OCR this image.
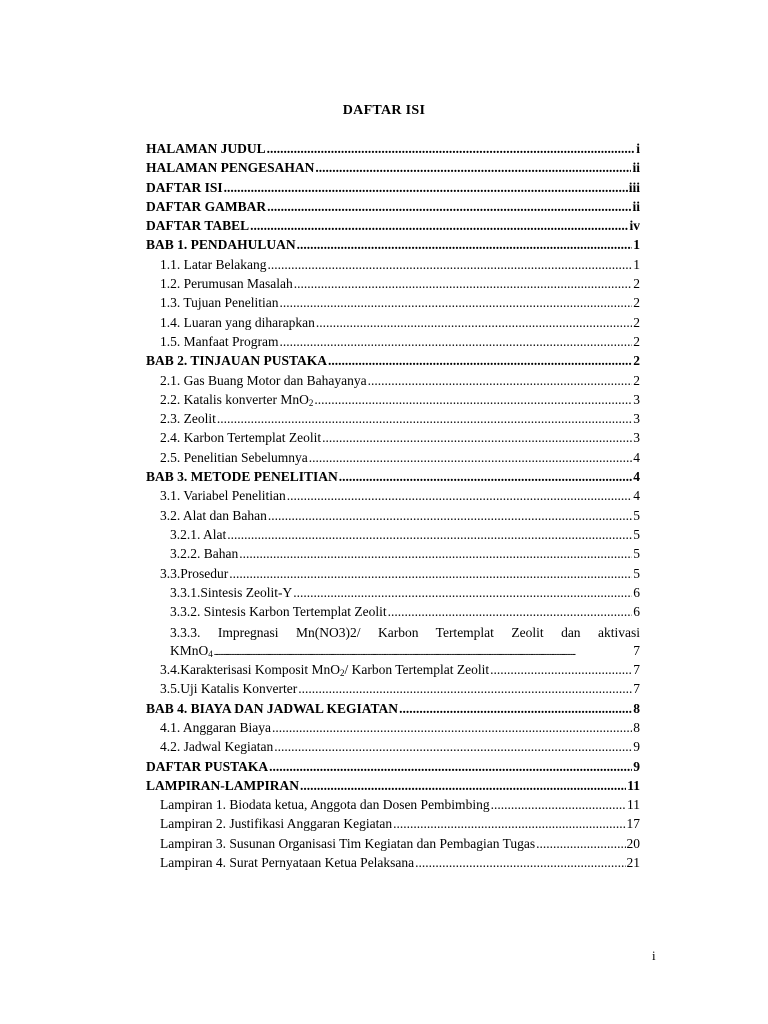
DAFTAR ISI
HALAMAN JUDUL .....	i
HALAMAN PENGESAHAN .....	ii
DAFTAR ISI .....	iii
DAFTAR GAMBAR .....	ii
DAFTAR TABEL .....	iv
BAB 1. PENDAHULUAN .....	1
1.1. Latar Belakang .....	1
1.2. Perumusan Masalah .....	2
1.3. Tujuan Penelitian .....	2
1.4. Luaran yang diharapkan .....	2
1.5. Manfaat Program .....	2
BAB 2. TINJAUAN PUSTAKA .....	2
2.1. Gas Buang Motor dan Bahayanya .....	2
2.2. Katalis konverter MnO$_2$ .....	3
2.3. Zeolit .....	3
2.4. Karbon Tertemplat Zeolit .....	3
2.5. Penelitian Sebelumnya .....	4
BAB 3. METODE PENELITIAN .....	4
3.1. Variabel Penelitian .....	4
3.2. Alat dan Bahan .....	5
3.2.1. Alat .....	5
3.2.2. Bahan .....	5
3.3.Prosedur .....	5
3.3.1.Sintesis Zeolit-Y .....	6
3.3.2. Sintesis Karbon Tertemplat Zeolit .....	6
3.3.3. Impregnasi Mn(NO3)2/ Karbon Tertemplat Zeolit dan aktivasi
KMnO$_4$ .....	7
3.4.Karakterisasi Komposit MnO$_2$/ Karbon Tertemplat Zeolit .....	7
3.5.Uji Katalis Konverter .....	7
BAB 4. BIAYA DAN JADWAL KEGIATAN .....	8
4.1. Anggaran Biaya .....	8
4.2. Jadwal Kegiatan .....	9
DAFTAR PUSTAKA .....	9
LAMPIRAN-LAMPIRAN .....	11
Lampiran 1. Biodata ketua, Anggota dan Dosen Pembimbing .....	11
Lampiran 2. Justifikasi Anggaran Kegiatan .....	17
Lampiran 3. Susunan Organisasi Tim Kegiatan dan Pembagian Tugas .....	20
Lampiran 4. Surat Pernyataan Ketua Pelaksana .....	21
i
